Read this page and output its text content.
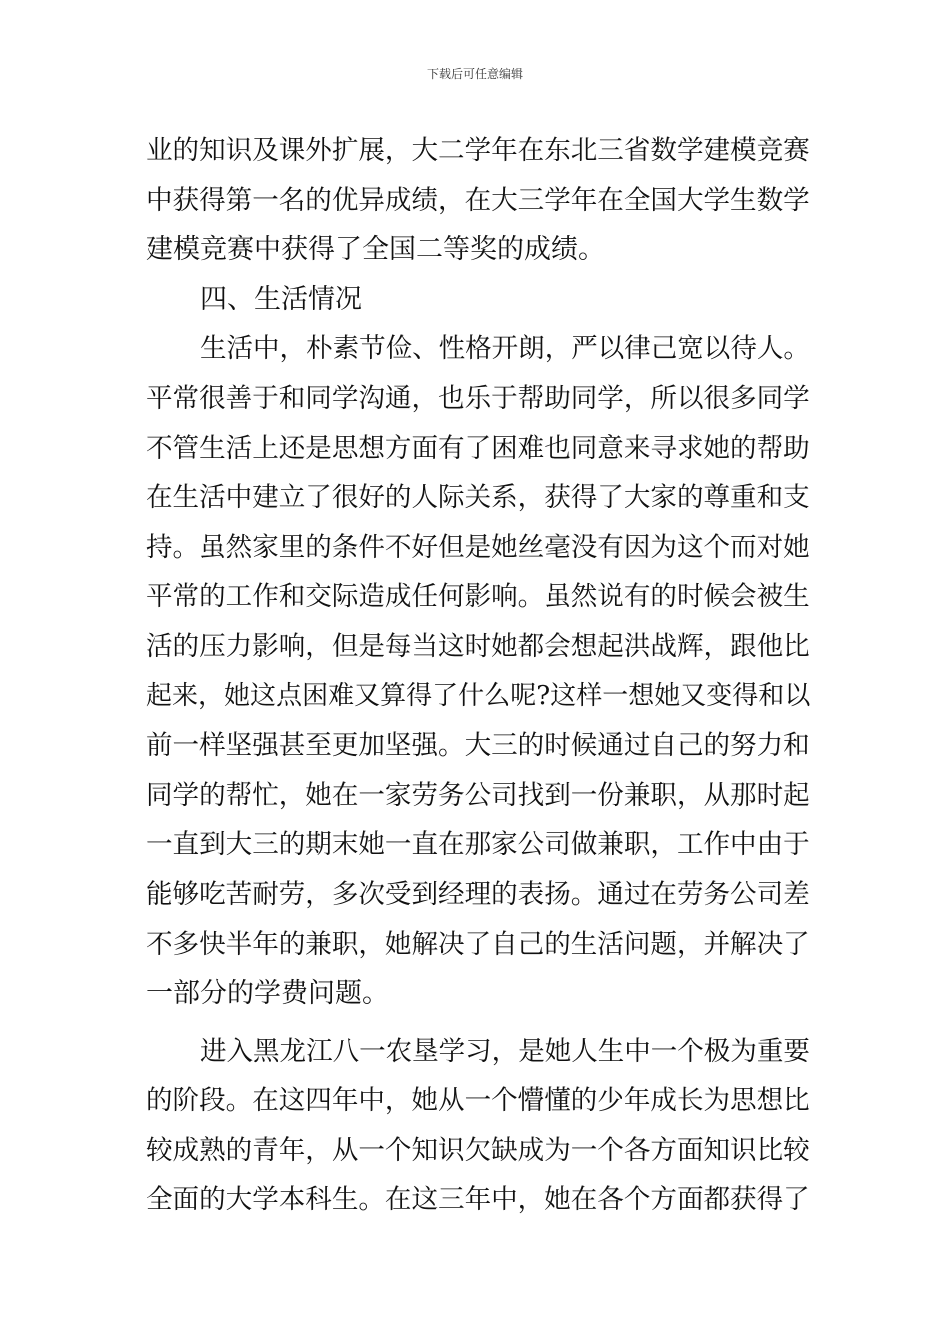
下载后可任意编辑
业的知识及课外扩展，大二学年在东北三省数学建模竞赛
中获得第一名的优异成绩，在大三学年在全国大学生数学
建模竞赛中获得了全国二等奖的成绩。
四、生活情况
生活中，朴素节俭、性格开朗，严以律己宽以待人。
平常很善于和同学沟通，也乐于帮助同学，所以很多同学
不管生活上还是思想方面有了困难也同意来寻求她的帮助
在生活中建立了很好的人际关系，获得了大家的尊重和支
持。虽然家里的条件不好但是她丝毫没有因为这个而对她
平常的工作和交际造成任何影响。虽然说有的时候会被生
活的压力影响，但是每当这时她都会想起洪战辉，跟他比
起来，她这点困难又算得了什么呢?这样一想她又变得和以
前一样坚强甚至更加坚强。大三的时候通过自己的努力和
同学的帮忙，她在一家劳务公司找到一份兼职，从那时起
一直到大三的期末她一直在那家公司做兼职，工作中由于
能够吃苦耐劳，多次受到经理的表扬。通过在劳务公司差
不多快半年的兼职，她解决了自己的生活问题，并解决了
一部分的学费问题。
进入黑龙江八一农垦学习，是她人生中一个极为重要
的阶段。在这四年中，她从一个懵懂的少年成长为思想比
较成熟的青年，从一个知识欠缺成为一个各方面知识比较
全面的大学本科生。在这三年中，她在各个方面都获得了
